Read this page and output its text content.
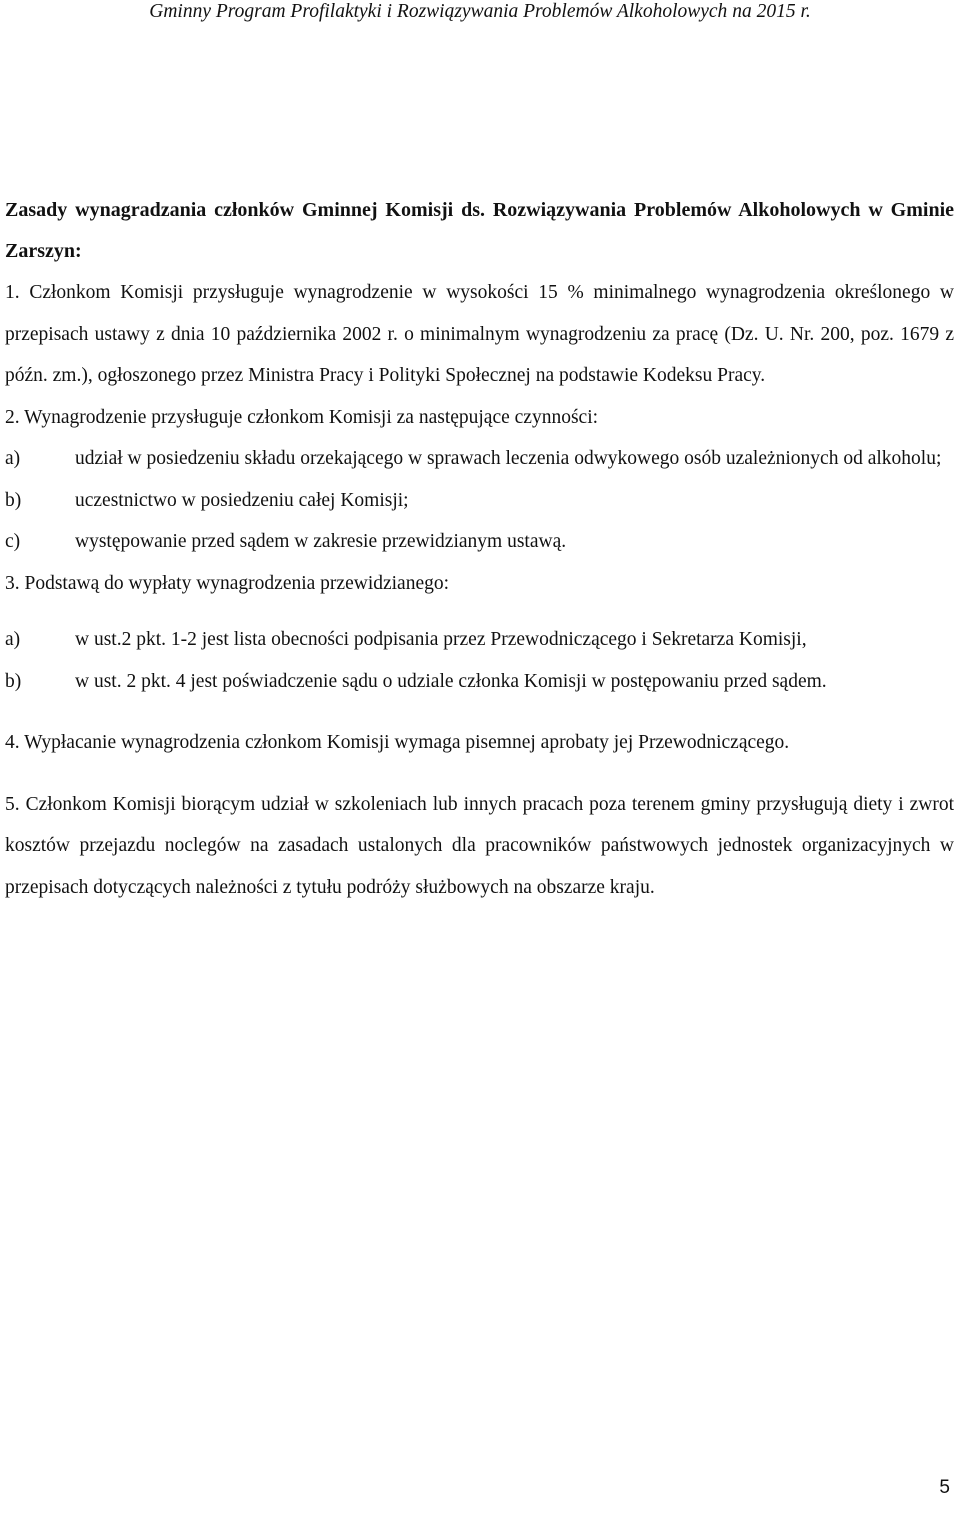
Gminny Program Profilaktyki i Rozwiązywania Problemów Alkoholowych na 2015 r.

Zasady wynagradzania członków Gminnej Komisji ds. Rozwiązywania Problemów Alkoholowych w Gminie Zarszyn:

1. Członkom Komisji przysługuje wynagrodzenie w wysokości 15 % minimalnego wynagrodzenia określonego w przepisach ustawy z dnia 10 października 2002 r. o minimalnym wynagrodzeniu za pracę (Dz. U. Nr. 200, poz. 1679 z późn. zm.), ogłoszonego przez Ministra Pracy i Polityki Społecznej na podstawie Kodeksu Pracy.

2. Wynagrodzenie przysługuje członkom Komisji za następujące czynności:

a)	udział w posiedzeniu składu orzekającego w sprawach leczenia odwykowego osób uzależnionych od alkoholu;
b)	uczestnictwo w posiedzeniu całej Komisji;
c)	występowanie przed sądem w zakresie przewidzianym ustawą.

3. Podstawą do wypłaty wynagrodzenia przewidzianego:

a)	w ust.2 pkt. 1-2 jest lista obecności podpisania przez Przewodniczącego i Sekretarza Komisji,
b)	w ust. 2 pkt. 4 jest poświadczenie sądu o udziale członka Komisji w postępowaniu przed sądem.

4. Wypłacanie wynagrodzenia członkom Komisji wymaga pisemnej aprobaty jej Przewodniczącego.

5. Członkom Komisji biorącym udział w szkoleniach lub innych pracach poza terenem gminy przysługują diety i zwrot kosztów przejazdu noclegów na zasadach ustalonych dla pracowników państwowych jednostek organizacyjnych w przepisach dotyczących należności z tytułu podróży służbowych na obszarze kraju.

5
